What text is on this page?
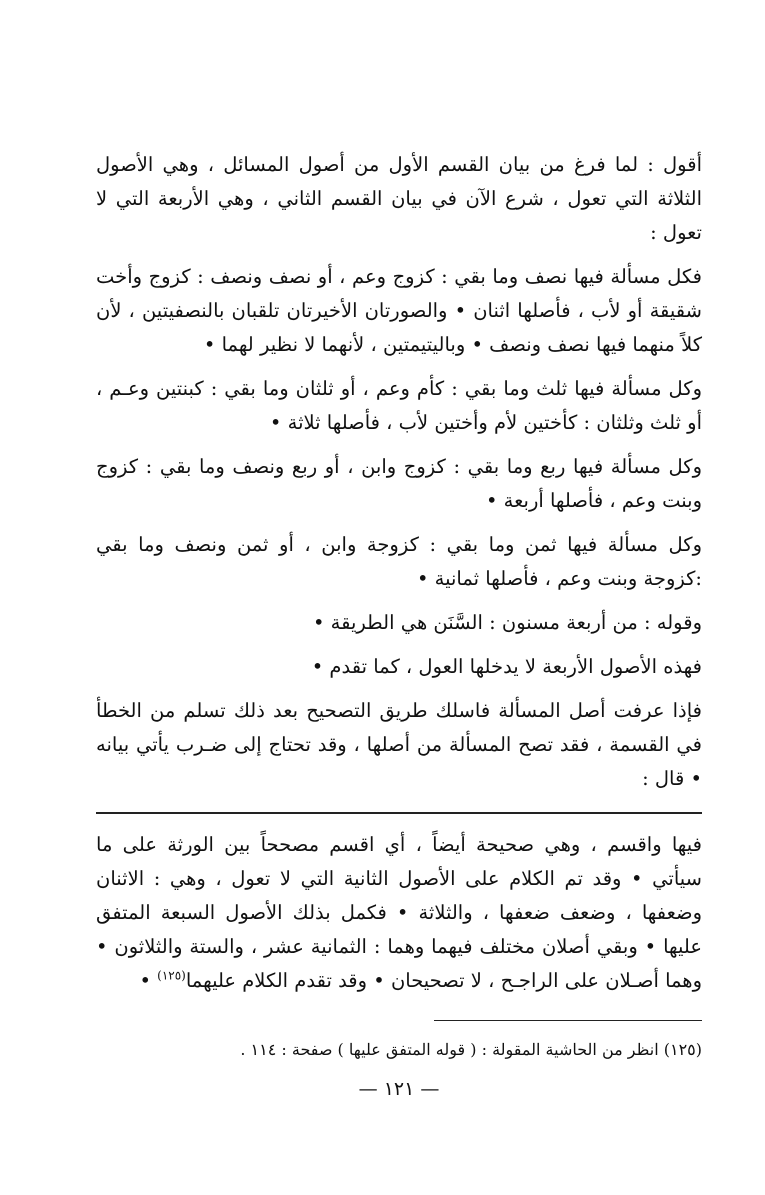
أقول : لما فرغ من بيان القسم الأول من أصول المسائل ، وهي الأصول الثلاثة التي تعول ، شرع الآن في بيان القسم الثاني ، وهي الأربعة التي لا تعول :

فكل مسألة فيها نصف وما بقي : كزوج وعم ، أو نصف ونصف : كزوج وأخت شقيقة أو لأب ، فأصلها اثنان • والصورتان الأخيرتان تلقبان بالنصفيتين ، لأن كلاً منهما فيها نصف ونصف • وباليتيمتين ، لأنهما لا نظير لهما •

وكل مسألة فيها ثلث وما بقي : كأم وعم ، أو ثلثان وما بقي : كبنتين وعـم ، أو ثلث وثلثان : كأختين لأم وأختين لأب ، فأصلها ثلاثة •

وكل مسألة فيها ربع وما بقي : كزوج وابن ، أو ربع ونصف وما بقي : كزوج وبنت وعم ، فأصلها أربعة •

وكل مسألة فيها ثمن وما بقي : كزوجة وابن ، أو ثمن ونصف وما بقي :كزوجة وبنت وعم ، فأصلها ثمانية •

وقوله : من أربعة مسنون : السَّنَن هي الطريقة •

فهذه الأصول الأربعة لا يدخلها العول ، كما تقدم •

فإذا عرفت أصل المسألة فاسلك طريق التصحيح بعد ذلك تسلم من الخطأ في القسمة ، فقد تصح المسألة من أصلها ، وقد تحتاج إلى ضـرب يأتي بيانه • قال :

فيها واقسم ، وهي صحيحة أيضاً ، أي اقسم مصححاً بين الورثة على ما سيأتي • وقد تم الكلام على الأصول الثانية التي لا تعول ، وهي : الاثنان وضعفها ، وضعف ضعفها ، والثلاثة • فكمل بذلك الأصول السبعة المتفق عليها • وبقي أصلان مختلف فيهما وهما : الثمانية عشر ، والستة والثلاثون • وهما أصـلان على الراجـح ، لا تصحيحان • وقد تقدم الكلام عليهما$^{(١٢٥)}$ •

(١٢٥) انظر من الحاشية المقولة : ( قوله المتفق عليها ) صفحة : ١١٤ .

— ١٢١ —
